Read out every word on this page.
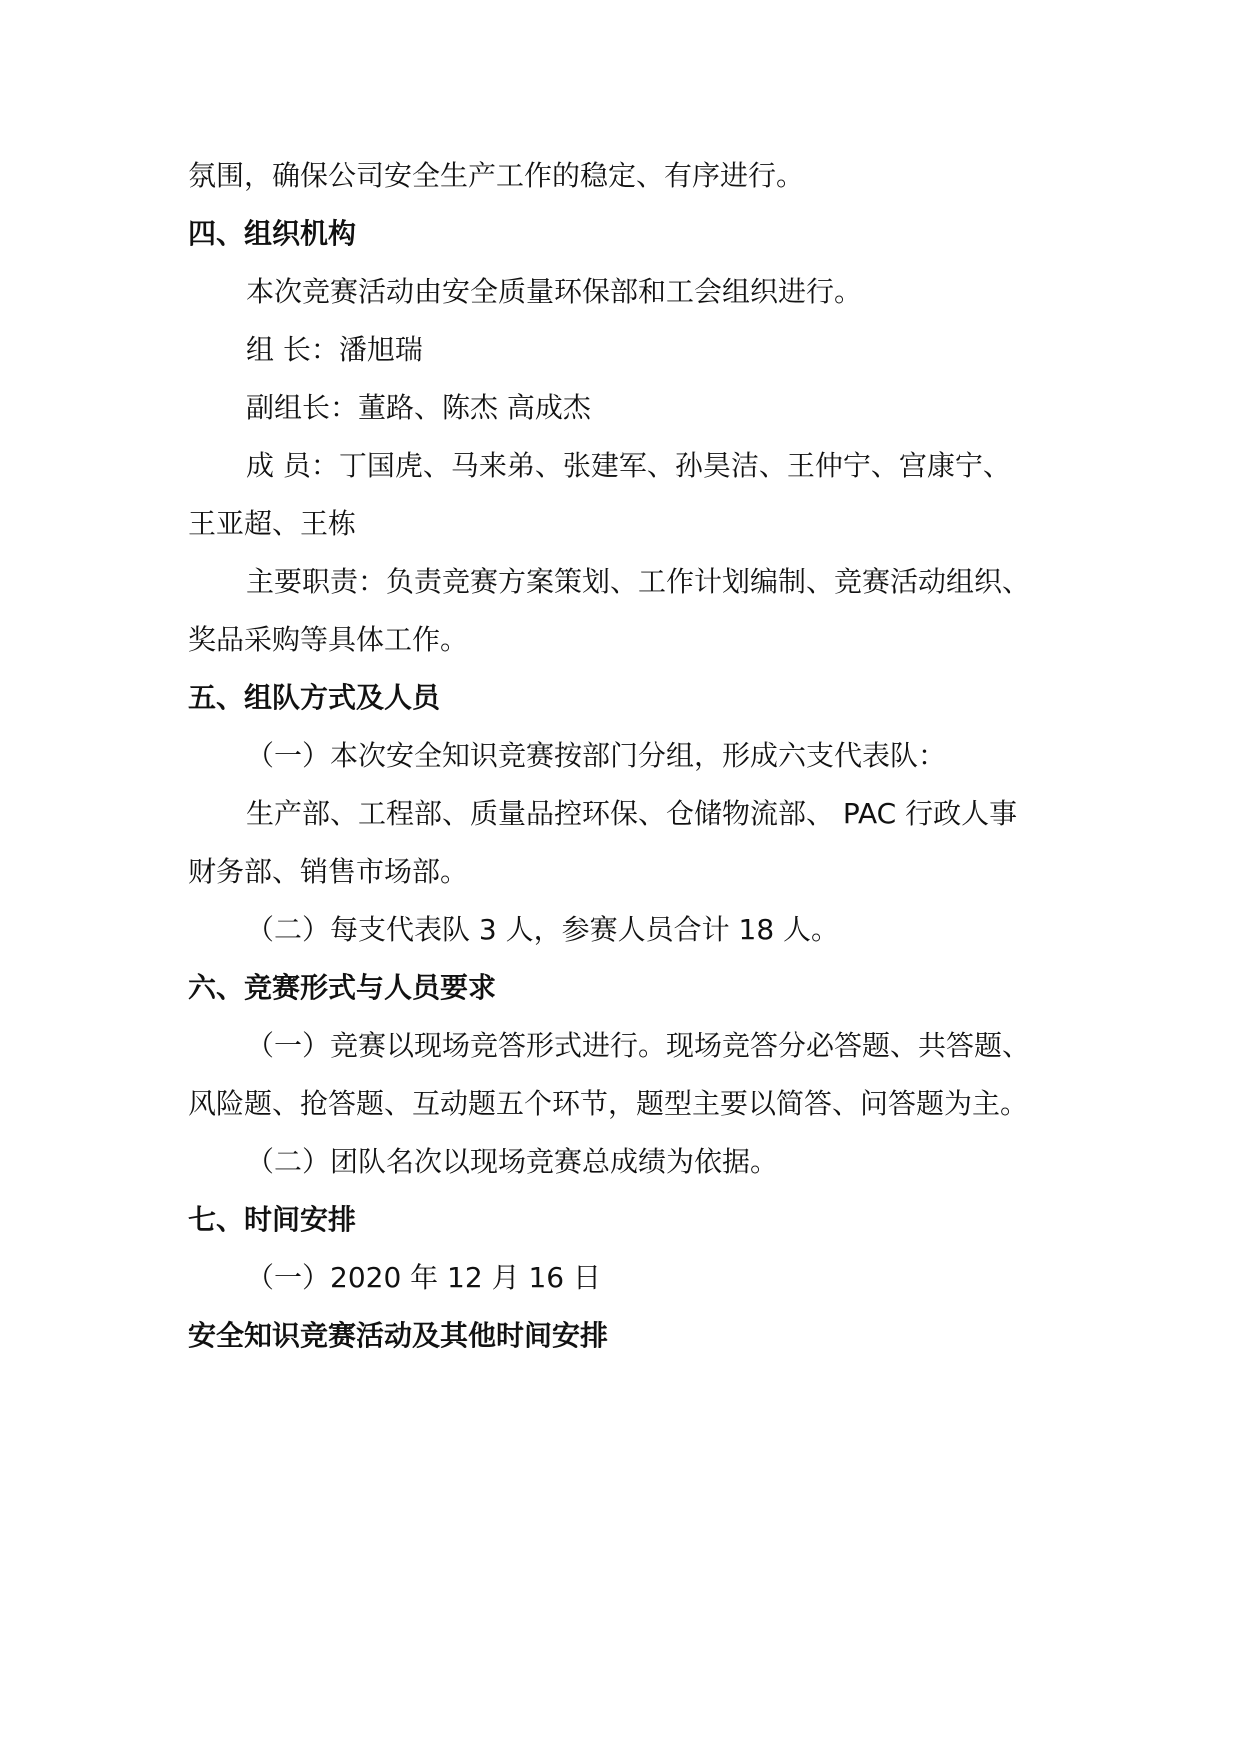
氛围，确保公司安全生产工作的稳定、有序进行。
四、组织机构
本次竞赛活动由安全质量环保部和工会组织进行。
组 长：潘旭瑞
副组长：董路、陈杰 高成杰
成 员：丁国虎、马来弟、张建军、孙昊洁、王仲宁、宫康宁、
王亚超、王栋
主要职责：负责竞赛方案策划、工作计划编制、竞赛活动组织、
奖品采购等具体工作。
五、组队方式及人员
（一）本次安全知识竞赛按部门分组，形成六支代表队：
生产部、工程部、质量品控环保、仓储物流部、 PAC 行政人事
财务部、销售市场部。
（二）每支代表队 3 人，参赛人员合计 18 人。
六、竞赛形式与人员要求
（一）竞赛以现场竞答形式进行。现场竞答分必答题、共答题、
风险题、抢答题、互动题五个环节，题型主要以简答、问答题为主。
（二）团队名次以现场竞赛总成绩为依据。
七、时间安排
（一）2020 年 12 月 16 日
安全知识竞赛活动及其他时间安排
